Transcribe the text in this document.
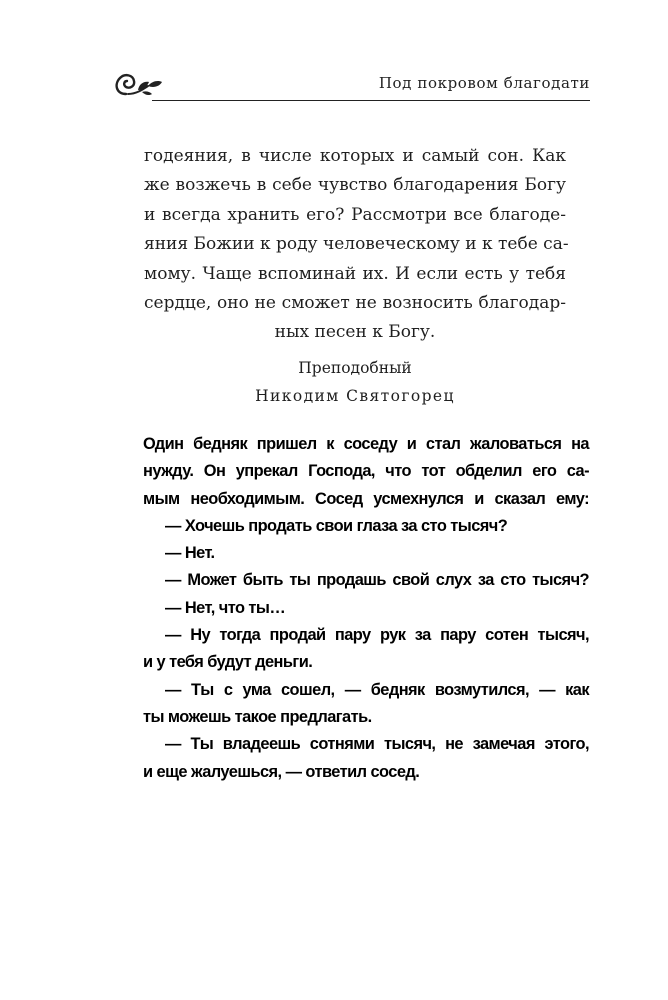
Под покровом благодати
годеяния, в числе которых и самый сон. Как
же возжечь в себе чувство благодарения Богу
и всегда хранить его? Рассмотри все благоде-
яния Божии к роду человеческому и к тебе са-
мому. Чаще вспоминай их. И если есть у тебя
сердце, оно не сможет не возносить благодар-
ных песен к Богу.
Преподобный
Никодим Святогорец
Один бедняк пришел к соседу и стал жаловаться на
нужду. Он упрекал Господа, что тот обделил его са-
мым необходимым. Сосед усмехнулся и сказал ему:
— Хочешь продать свои глаза за сто тысяч?
— Нет.
— Может быть ты продашь свой слух за сто тысяч?
— Нет, что ты…
— Ну тогда продай пару рук за пару сотен тысяч,
и у тебя будут деньги.
— Ты с ума сошел, — бедняк возмутился, — как
ты можешь такое предлагать.
— Ты владеешь сотнями тысяч, не замечая этого,
и еще жалуешься, — ответил сосед.
